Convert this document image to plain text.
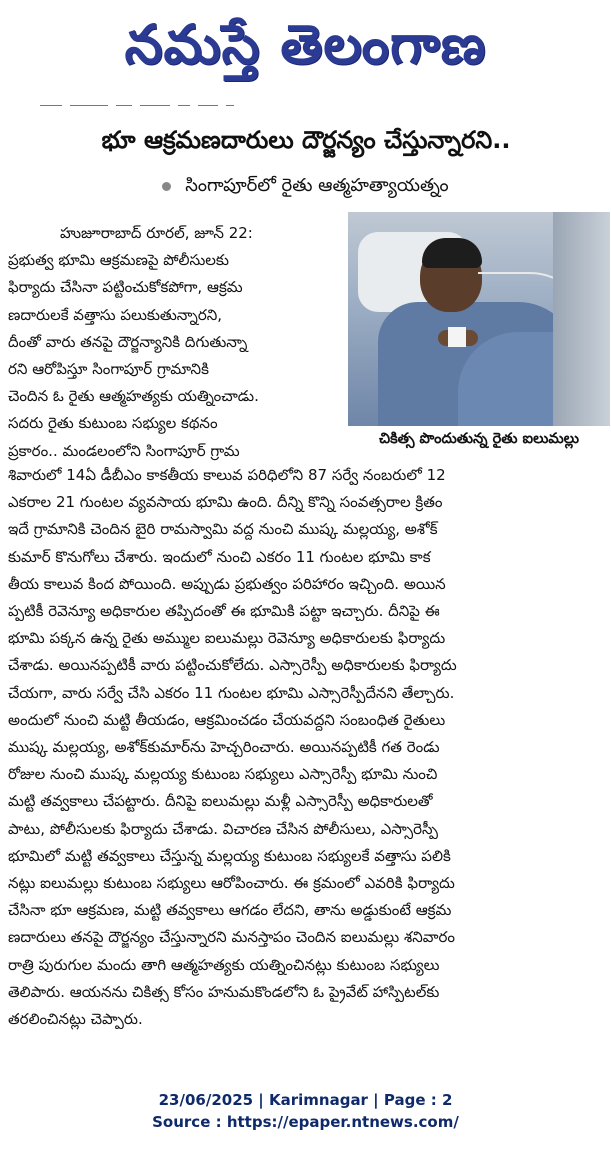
నమస్తే తెలంగాణ
భూ ఆక్రమణదారులు దౌర్జన్యం చేస్తున్నారని..
సింగాపూర్‌లో రైతు ఆత్మహత్యాయత్నం
హుజూరాబాద్ రూరల్, జూన్ 22:
ప్రభుత్వ భూమి ఆక్రమణపై పోలీసులకు
ఫిర్యాదు చేసినా పట్టించుకోకపోగా, ఆక్రమ
ణదారులకే వత్తాసు పలుకుతున్నారని,
దీంతో వారు తనపై దౌర్జన్యానికి దిగుతున్నా
రని ఆరోపిస్తూ సింగాపూర్ గ్రామానికి
చెందిన ఓ రైతు ఆత్మహత్యకు యత్నించాడు.
సదరు రైతు కుటుంబ సభ్యుల కథనం
ప్రకారం.. మండలంలోని సింగాపూర్ గ్రామ
చికిత్స పొందుతున్న రైతు ఐలుమల్లు
శివారులో 14ఏ డీబీఎం కాకతీయ కాలువ పరిధిలోని 87 సర్వే నంబరులో 12
ఎకరాల 21 గుంటల వ్యవసాయ భూమి ఉంది. దీన్ని కొన్ని సంవత్సరాల క్రితం
ఇదే గ్రామానికి చెందిన బైరి రామస్వామి వద్ద నుంచి ముష్క మల్లయ్య, అశోక్
కుమార్ కొనుగోలు చేశారు. ఇందులో నుంచి ఎకరం 11 గుంటల భూమి కాక
తీయ కాలువ కింద పోయింది. అప్పుడు ప్రభుత్వం పరిహారం ఇచ్చింది. అయిన
ప్పటికీ రెవెన్యూ అధికారుల తప్పిదంతో ఈ భూమికి పట్టా ఇచ్చారు. దీనిపై ఈ
భూమి పక్కన ఉన్న రైతు అమ్ముల ఐలుమల్లు రెవెన్యూ అధికారులకు ఫిర్యాదు
చేశాడు. అయినప్పటికీ వారు పట్టించుకోలేదు. ఎస్సారెస్పీ అధికారులకు ఫిర్యాదు
చేయగా, వారు సర్వే చేసి ఎకరం 11 గుంటల భూమి ఎస్సారెస్పీదేనని తేల్చారు.
అందులో నుంచి మట్టి తీయడం, ఆక్రమించడం చేయవద్దని సంబంధిత రైతులు
ముష్క మల్లయ్య, అశోక్‌కుమార్‌ను హెచ్చరించారు. అయినప్పటికీ గత రెండు
రోజుల నుంచి ముష్క మల్లయ్య కుటుంబ సభ్యులు ఎస్సారెస్పీ భూమి నుంచి
మట్టి తవ్వకాలు చేపట్టారు. దీనిపై ఐలుమల్లు మళ్లీ ఎస్సారెస్పీ అధికారులతో
పాటు, పోలీసులకు ఫిర్యాదు చేశాడు. విచారణ చేసిన పోలీసులు, ఎస్సారెస్పీ
భూమిలో మట్టి తవ్వకాలు చేస్తున్న మల్లయ్య కుటుంబ సభ్యులకే వత్తాసు పలికి
నట్లు ఐలుమల్లు కుటుంబ సభ్యులు ఆరోపించారు. ఈ క్రమంలో ఎవరికి ఫిర్యాదు
చేసినా భూ ఆక్రమణ, మట్టి తవ్వకాలు ఆగడం లేదని, తాను అడ్డుకుంటే ఆక్రమ
ణదారులు తనపై దౌర్జన్యం చేస్తున్నారని మనస్తాపం చెందిన ఐలుమల్లు శనివారం
రాత్రి పురుగుల మందు తాగి ఆత్మహత్యకు యత్నించినట్లు కుటుంబ సభ్యులు
తెలిపారు. ఆయనను చికిత్స కోసం హనుమకొండలోని ఓ ప్రైవేట్ హాస్పిటల్‌కు
తరలించినట్లు చెప్పారు.
23/06/2025 | Karimnagar | Page : 2
Source : https://epaper.ntnews.com/
